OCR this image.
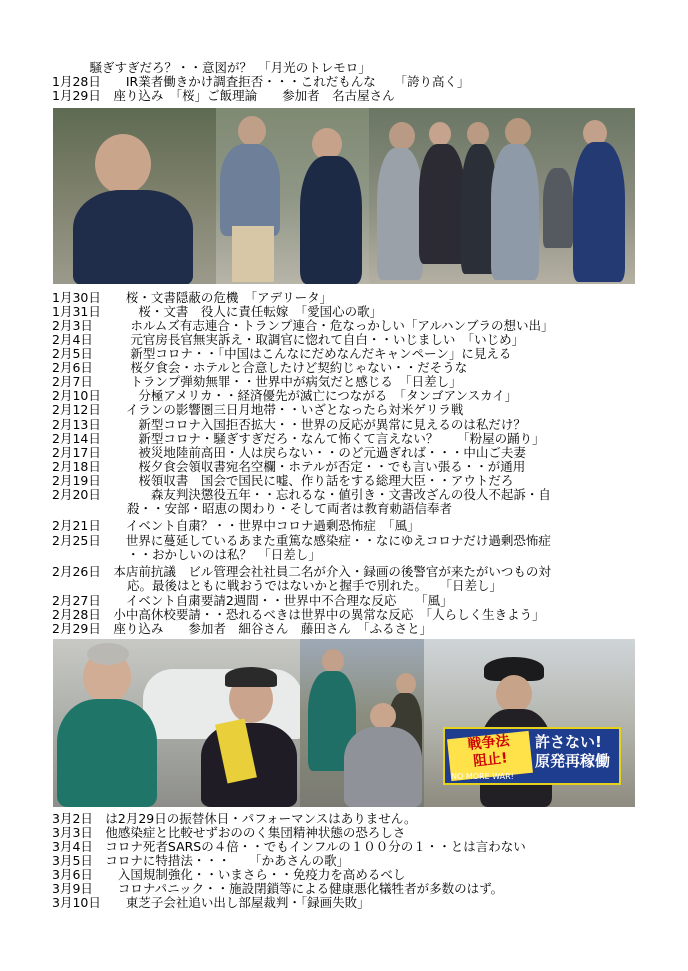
　　　騒ぎすぎだろ？・・意図が？　「月光のトレモロ」
1月28日　　IR業者働きかけ調査拒否・・・これだもんな　　「誇り高く」
1月29日　座り込み　「桜」ご飯理論　　参加者　名古屋さん
1月30日　　桜・文書隠蔽の危機　「アデリータ」
1月31日　　　桜・文書　役人に責任転嫁　「愛国心の歌」
2月3日　　　ホルムズ有志連合・トランプ連合・危なっかしい「アルハンブラの想い出」
2月4日　　　元官房長官無実訴え・取調官に惚れて自白・・いじましい　「いじめ」
2月5日　　　新型コロナ・・「中国はこんなにだめなんだキャンペーン」に見える
2月6日　　　桜夕食会・ホテルと合意したけど契約じゃない・・だそうな
2月7日　　　トランプ弾劾無罪・・世界中が病気だと感じる　「日差し」
2月10日　　　分極アメリカ・・経済優先が滅亡につながる　「タンゴアンスカイ」
2月12日　　イランの影響圏三日月地帯・・いざとなったら対米ゲリラ戦
2月13日　　　新型コロナ入国拒否拡大・・世界の反応が異常に見えるのは私だけ？
2月14日　　　新型コロナ・騒ぎすぎだろ・なんて怖くて言えない？　　「粉屋の踊り」
2月17日　　　被災地陸前高田・人は戻らない・・のど元過ぎれば・・・中山ご夫妻
2月18日　　　桜夕食会領収書宛名空欄・ホテルが否定・・でも言い張る・・が通用
2月19日　　　桜領収書　国会で国民に嘘、作り話をする総理大臣・・アウトだろ
2月20日　　　　森友判決懲役五年・・忘れるな・値引き・文書改ざんの役人不起訴・自
　　　　　　殺・・安部・昭恵の関わり・そして両者は教育勅語信奉者
2月21日　　イベント自粛？・・世界中コロナ過剰恐怖症　「風」
2月25日　　世界に蔓延しているあまた重篤な感染症・・なにゆえコロナだけ過剰恐怖症
　　　　　　・・おかしいのは私？　「日差し」
2月26日　本店前抗議　ビル管理会社社員二名が介入・録画の後警官が来たがいつもの対
　　　　　　応。最後はともに戦おうではないかと握手で別れた。　　「日差し」
2月27日　　イベント自粛要請2週間・・世界中不合理な反応　　「風」
2月28日　小中高休校要請・・恐れるべきは世界中の異常な反応　「人らしく生きよう」
2月29日　座り込み　　参加者　細谷さん　藤田さん　「ふるさと」
戦争法
阻止!
許さない!
原発再稼働
NO MORE WAR!
3月2日　は2月29日の振替休日・パフォーマンスはありません。
3月3日　他感染症と比較せずおののく集団精神状態の恐ろしさ
3月4日　コロナ死者SARSの４倍・・でもインフルの１００分の１・・とは言わない
3月5日　コロナに特措法・・・　　「かあさんの歌」
3月6日　　入国規制強化・・いまさら・・免疫力を高めるべし
3月9日　　コロナパニック・・施設閉鎖等による健康悪化犠牲者が多数のはず。
3月10日　　東芝子会社追い出し部屋裁判・「録画失敗」
